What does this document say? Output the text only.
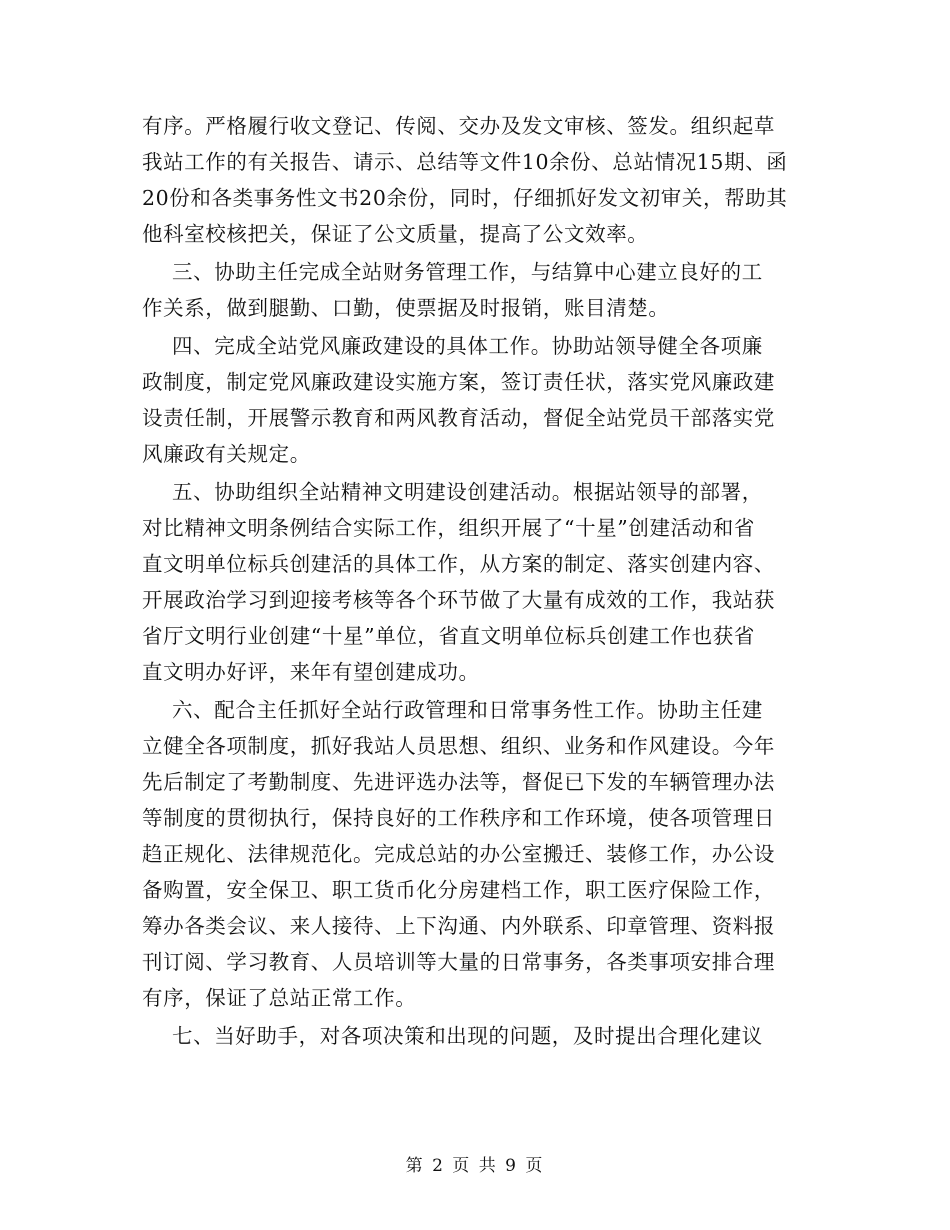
有序。严格履行收文登记、传阅、交办及发文审核、签发。组织起草
我站工作的有关报告、请示、总结等文件10余份、总站情况15期、函
20份和各类事务性文书20余份，同时，仔细抓好发文初审关，帮助其
他科室校核把关，保证了公文质量，提高了公文效率。
三、协助主任完成全站财务管理工作，与结算中心建立良好的工
作关系，做到腿勤、口勤，使票据及时报销，账目清楚。
四、完成全站党风廉政建设的具体工作。协助站领导健全各项廉
政制度，制定党风廉政建设实施方案，签订责任状，落实党风廉政建
设责任制，开展警示教育和两风教育活动，督促全站党员干部落实党
风廉政有关规定。
五、协助组织全站精神文明建设创建活动。根据站领导的部署，
对比精神文明条例结合实际工作，组织开展了“十星”创建活动和省
直文明单位标兵创建活的具体工作，从方案的制定、落实创建内容、
开展政治学习到迎接考核等各个环节做了大量有成效的工作，我站获
省厅文明行业创建“十星”单位，省直文明单位标兵创建工作也获省
直文明办好评，来年有望创建成功。
六、配合主任抓好全站行政管理和日常事务性工作。协助主任建
立健全各项制度，抓好我站人员思想、组织、业务和作风建设。今年
先后制定了考勤制度、先进评选办法等，督促已下发的车辆管理办法
等制度的贯彻执行，保持良好的工作秩序和工作环境，使各项管理日
趋正规化、法律规范化。完成总站的办公室搬迁、装修工作，办公设
备购置，安全保卫、职工货币化分房建档工作，职工医疗保险工作，
筹办各类会议、来人接待、上下沟通、内外联系、印章管理、资料报
刊订阅、学习教育、人员培训等大量的日常事务，各类事项安排合理
有序，保证了总站正常工作。
七、当好助手，对各项决策和出现的问题，及时提出合理化建议
第 2 页 共 9 页
